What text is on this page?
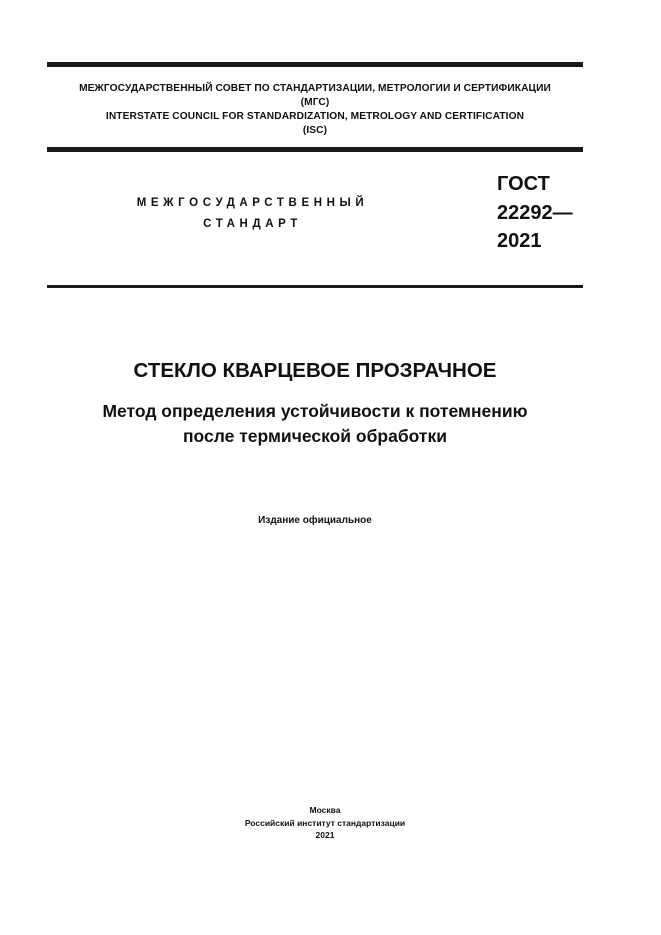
МЕЖГОСУДАРСТВЕННЫЙ СОВЕТ ПО СТАНДАРТИЗАЦИИ, МЕТРОЛОГИИ И СЕРТИФИКАЦИИ
(МГС)
INTERSTATE COUNCIL FOR STANDARDIZATION, METROLOGY AND CERTIFICATION
(ISC)
МЕЖГОСУДАРСТВЕННЫЙ
СТАНДАРТ
ГОСТ
22292—
2021
СТЕКЛО КВАРЦЕВОЕ ПРОЗРАЧНОЕ
Метод определения устойчивости к потемнению
после термической обработки
Издание официальное
Москва
Российский институт стандартизации
2021
